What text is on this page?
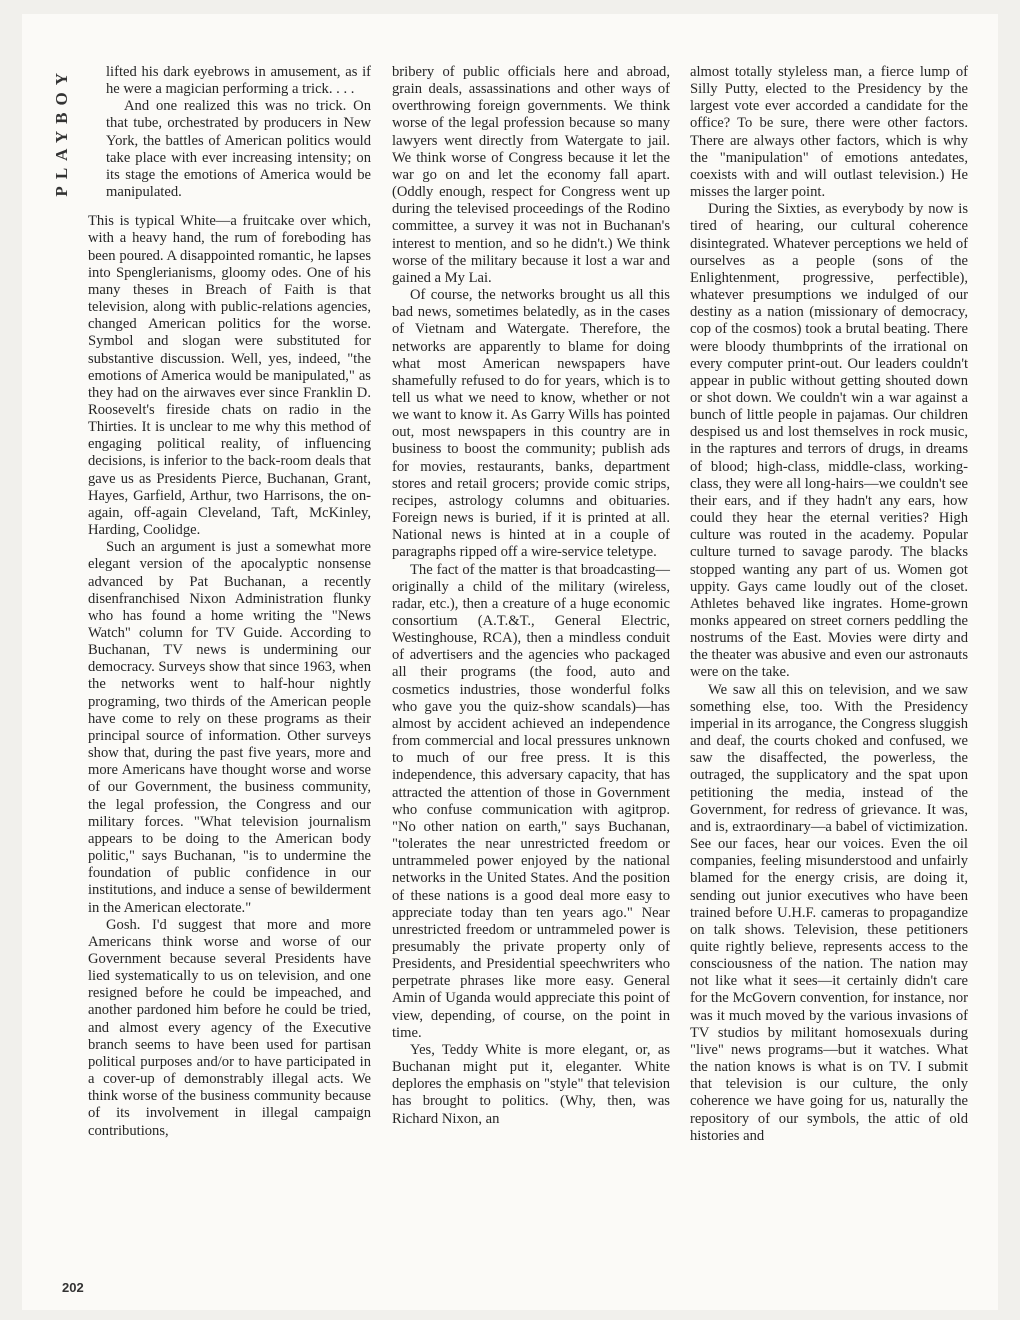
PLAYBOY
202

lifted his dark eyebrows in amusement, as if he were a magician performing a trick. . . .

And one realized this was no trick. On that tube, orchestrated by producers in New York, the battles of American politics would take place with ever increasing intensity; on its stage the emotions of America would be manipulated.

This is typical White—a fruitcake over which, with a heavy hand, the rum of foreboding has been poured. A disappointed romantic, he lapses into Spenglerianisms, gloomy odes. One of his many theses in Breach of Faith is that television, along with public-relations agencies, changed American politics for the worse. Symbol and slogan were substituted for substantive discussion. Well, yes, indeed, "the emotions of America would be manipulated," as they had on the airwaves ever since Franklin D. Roosevelt's fireside chats on radio in the Thirties. It is unclear to me why this method of engaging political reality, of influencing decisions, is inferior to the back-room deals that gave us as Presidents Pierce, Buchanan, Grant, Hayes, Garfield, Arthur, two Harrisons, the on-again, off-again Cleveland, Taft, McKinley, Harding, Coolidge.

Such an argument is just a somewhat more elegant version of the apocalyptic nonsense advanced by Pat Buchanan, a recently disenfranchised Nixon Administration flunky who has found a home writing the "News Watch" column for TV Guide. According to Buchanan, TV news is undermining our democracy. Surveys show that since 1963, when the networks went to half-hour nightly programing, two thirds of the American people have come to rely on these programs as their principal source of information. Other surveys show that, during the past five years, more and more Americans have thought worse and worse of our Government, the business community, the legal profession, the Congress and our military forces. "What television journalism appears to be doing to the American body politic," says Buchanan, "is to undermine the foundation of public confidence in our institutions, and induce a sense of bewilderment in the American electorate."

Gosh. I'd suggest that more and more Americans think worse and worse of our Government because several Presidents have lied systematically to us on television, and one resigned before he could be impeached, and another pardoned him before he could be tried, and almost every agency of the Executive branch seems to have been used for partisan political purposes and/or to have participated in a cover-up of demonstrably illegal acts. We think worse of the business community because of its involvement in illegal campaign contributions,

bribery of public officials here and abroad, grain deals, assassinations and other ways of overthrowing foreign governments. We think worse of the legal profession because so many lawyers went directly from Watergate to jail. We think worse of Congress because it let the war go on and let the economy fall apart. (Oddly enough, respect for Congress went up during the televised proceedings of the Rodino committee, a survey it was not in Buchanan's interest to mention, and so he didn't.) We think worse of the military because it lost a war and gained a My Lai.

Of course, the networks brought us all this bad news, sometimes belatedly, as in the cases of Vietnam and Watergate. Therefore, the networks are apparently to blame for doing what most American newspapers have shamefully refused to do for years, which is to tell us what we need to know, whether or not we want to know it. As Garry Wills has pointed out, most newspapers in this country are in business to boost the community; publish ads for movies, restaurants, banks, department stores and retail grocers; provide comic strips, recipes, astrology columns and obituaries. Foreign news is buried, if it is printed at all. National news is hinted at in a couple of paragraphs ripped off a wire-service teletype.

The fact of the matter is that broadcasting—originally a child of the military (wireless, radar, etc.), then a creature of a huge economic consortium (A.T.&T., General Electric, Westinghouse, RCA), then a mindless conduit of advertisers and the agencies who packaged all their programs (the food, auto and cosmetics industries, those wonderful folks who gave you the quiz-show scandals)—has almost by accident achieved an independence from commercial and local pressures unknown to much of our free press. It is this independence, this adversary capacity, that has attracted the attention of those in Government who confuse communication with agitprop. "No other nation on earth," says Buchanan, "tolerates the near unrestricted freedom or untrammeled power enjoyed by the national networks in the United States. And the position of these nations is a good deal more easy to appreciate today than ten years ago." Near unrestricted freedom or untrammeled power is presumably the private property only of Presidents, and Presidential speechwriters who perpetrate phrases like more easy. General Amin of Uganda would appreciate this point of view, depending, of course, on the point in time.

Yes, Teddy White is more elegant, or, as Buchanan might put it, eleganter. White deplores the emphasis on "style" that television has brought to politics. (Why, then, was Richard Nixon, an

almost totally styleless man, a fierce lump of Silly Putty, elected to the Presidency by the largest vote ever accorded a candidate for the office? To be sure, there were other factors. There are always other factors, which is why the "manipulation" of emotions antedates, coexists with and will outlast television.) He misses the larger point.

During the Sixties, as everybody by now is tired of hearing, our cultural coherence disintegrated. Whatever perceptions we held of ourselves as a people (sons of the Enlightenment, progressive, perfectible), whatever presumptions we indulged of our destiny as a nation (missionary of democracy, cop of the cosmos) took a brutal beating. There were bloody thumbprints of the irrational on every computer print-out. Our leaders couldn't appear in public without getting shouted down or shot down. We couldn't win a war against a bunch of little people in pajamas. Our children despised us and lost themselves in rock music, in the raptures and terrors of drugs, in dreams of blood; high-class, middle-class, working-class, they were all long-hairs—we couldn't see their ears, and if they hadn't any ears, how could they hear the eternal verities? High culture was routed in the academy. Popular culture turned to savage parody. The blacks stopped wanting any part of us. Women got uppity. Gays came loudly out of the closet. Athletes behaved like ingrates. Home-grown monks appeared on street corners peddling the nostrums of the East. Movies were dirty and the theater was abusive and even our astronauts were on the take.

We saw all this on television, and we saw something else, too. With the Presidency imperial in its arrogance, the Congress sluggish and deaf, the courts choked and confused, we saw the disaffected, the powerless, the outraged, the supplicatory and the spat upon petitioning the media, instead of the Government, for redress of grievance. It was, and is, extraordinary—a babel of victimization. See our faces, hear our voices. Even the oil companies, feeling misunderstood and unfairly blamed for the energy crisis, are doing it, sending out junior executives who have been trained before U.H.F. cameras to propagandize on talk shows. Television, these petitioners quite rightly believe, represents access to the consciousness of the nation. The nation may not like what it sees—it certainly didn't care for the McGovern convention, for instance, nor was it much moved by the various invasions of TV studios by militant homosexuals during "live" news programs—but it watches. What the nation knows is what is on TV. I submit that television is our culture, the only coherence we have going for us, naturally the repository of our symbols, the attic of old histories and
